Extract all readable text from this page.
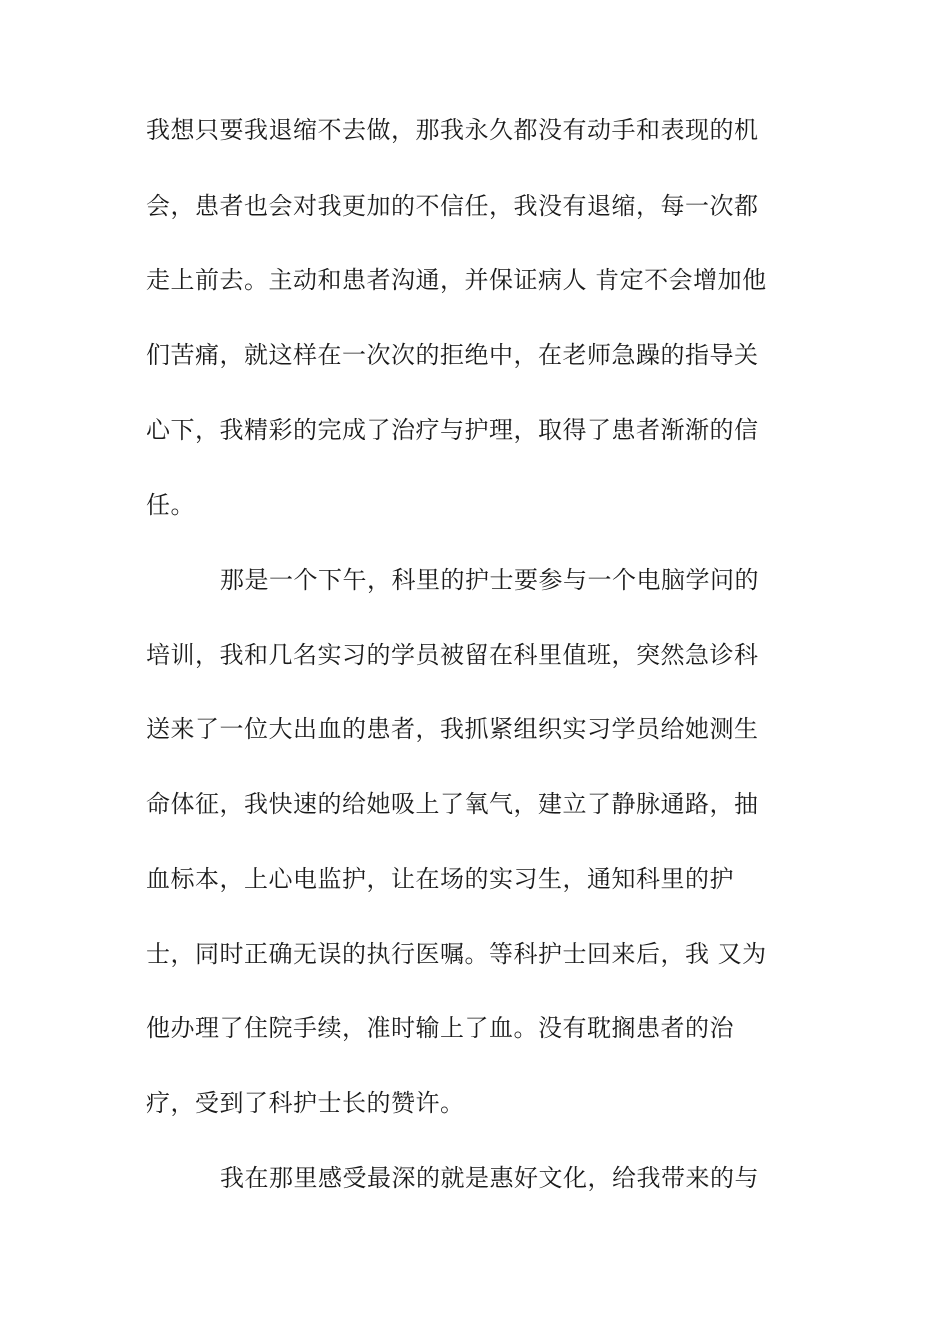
我想只要我退缩不去做，那我永久都没有动手和表现的机
会，患者也会对我更加的不信任，我没有退缩，每一次都
走上前去。主动和患者沟通，并保证病人 肯定不会增加他
们苦痛，就这样在一次次的拒绝中，在老师急躁的指导关
心下，我精彩的完成了治疗与护理，取得了患者渐渐的信
任。
那是一个下午，科里的护士要参与一个电脑学问的
培训，我和几名实习的学员被留在科里值班，突然急诊科
送来了一位大出血的患者，我抓紧组织实习学员给她测生
命体征，我快速的给她吸上了氧气，建立了静脉通路，抽
血标本，上心电监护，让在场的实习生，通知科里的护
士，同时正确无误的执行医嘱。等科护士回来后，我 又为
他办理了住院手续，准时输上了血。没有耽搁患者的治
疗，受到了科护士长的赞许。
我在那里感受最深的就是惠好文化，给我带来的与
